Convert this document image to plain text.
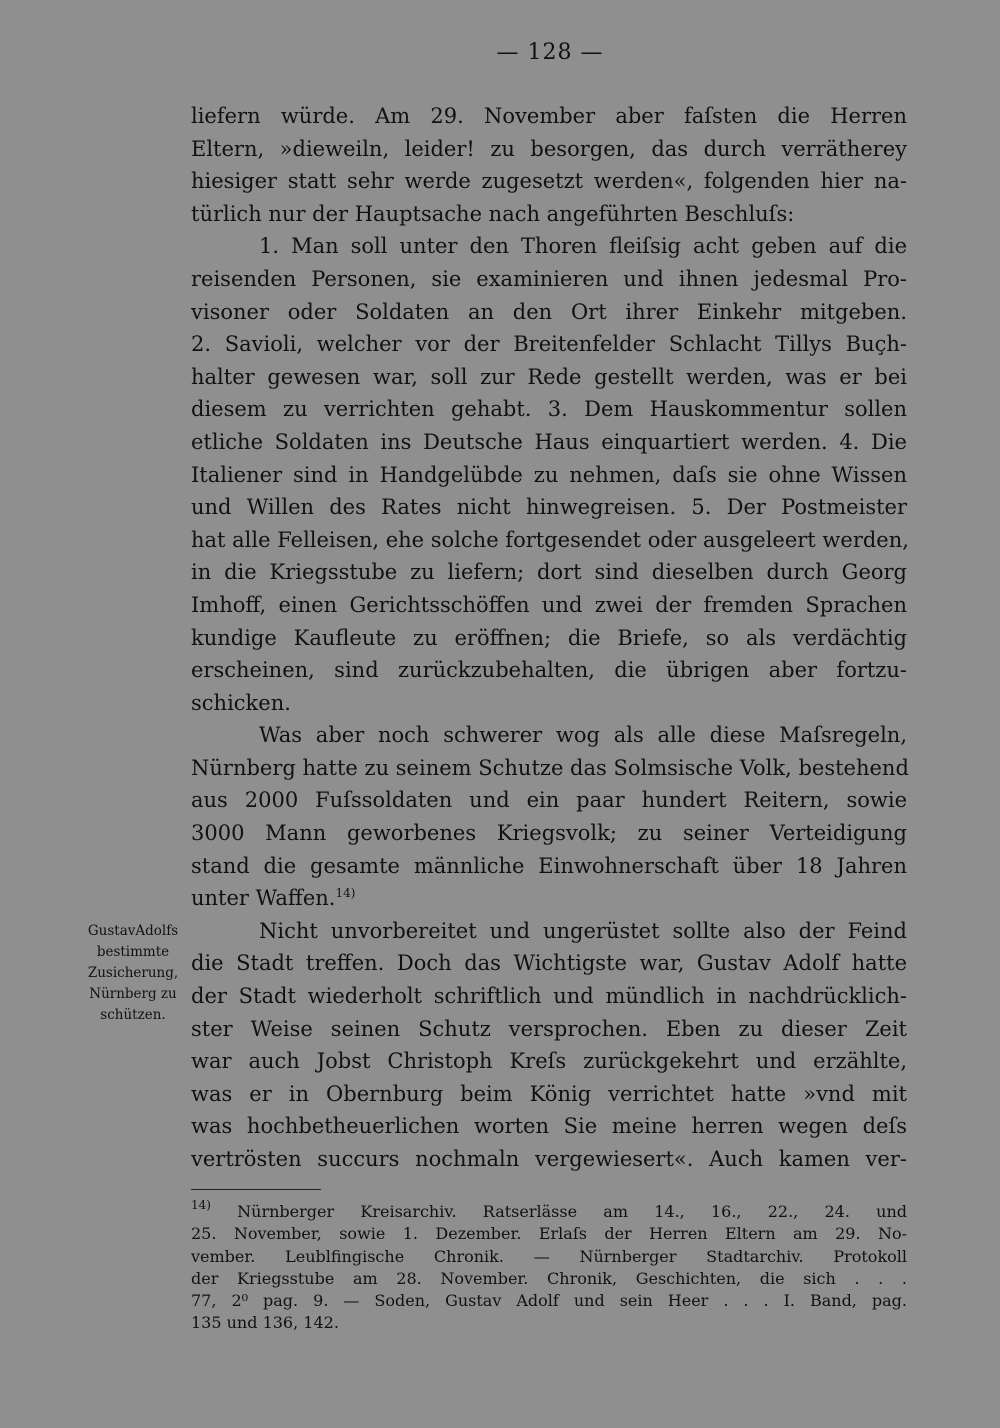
— 128 —
liefern würde. Am 29. November aber faſsten die Herren
Eltern, »dieweiln, leider! zu besorgen, das durch verrätherey
hiesiger statt sehr werde zugesetzt werden«, folgenden hier na-
türlich nur der Hauptsache nach angeführten Beschluſs:
1. Man soll unter den Thoren fleiſsig acht geben auf die
reisenden Personen, sie examinieren und ihnen jedesmal Pro-
visoner oder Soldaten an den Ort ihrer Einkehr mitgeben.
2. Savioli, welcher vor der Breitenfelder Schlacht Tillys Buçh-
halter gewesen war, soll zur Rede gestellt werden, was er bei
diesem zu verrichten gehabt. 3. Dem Hauskommentur sollen
etliche Soldaten ins Deutsche Haus einquartiert werden. 4. Die
Italiener sind in Handgelübde zu nehmen, daſs sie ohne Wissen
und Willen des Rates nicht hinwegreisen. 5. Der Postmeister
hat alle Felleisen, ehe solche fortgesendet oder ausgeleert werden,
in die Kriegsstube zu liefern; dort sind dieselben durch Georg
Imhoff, einen Gerichtsschöffen und zwei der fremden Sprachen
kundige Kaufleute zu eröffnen; die Briefe, so als verdächtig
erscheinen, sind zurückzubehalten, die übrigen aber fortzu-
schicken.
Was aber noch schwerer wog als alle diese Maſsregeln,
Nürnberg hatte zu seinem Schutze das Solmsische Volk, bestehend
aus 2000 Fuſssoldaten und ein paar hundert Reitern, sowie
3000 Mann geworbenes Kriegsvolk; zu seiner Verteidigung
stand die gesamte männliche Einwohnerschaft über 18 Jahren
unter Waffen.$^{14)}$
Nicht unvorbereitet und ungerüstet sollte also der Feind
die Stadt treffen. Doch das Wichtigste war, Gustav Adolf hatte
der Stadt wiederholt schriftlich und mündlich in nachdrücklich-
ster Weise seinen Schutz versprochen. Eben zu dieser Zeit
war auch Jobst Christoph Kreſs zurückgekehrt und erzählte,
was er in Obernburg beim König verrichtet hatte »vnd mit
was hochbetheuerlichen worten Sie meine herren wegen deſs
vertrösten succurs nochmaln vergewiesert«. Auch kamen ver-
GustavAdolfs
bestimmte
Zusicherung,
Nürnberg zu
schützen.
$^{14)}$ Nürnberger Kreisarchiv. Ratserlässe am 14., 16., 22., 24. und
25. November, sowie 1. Dezember. Erlaſs der Herren Eltern am 29. No-
vember. Leublfingische Chronik. — Nürnberger Stadtarchiv. Protokoll
der Kriegsstube am 28. November. Chronik, Geschichten, die sich . . .
77, 2⁰ pag. 9. — Soden, Gustav Adolf und sein Heer . . . I. Band, pag.
135 und 136, 142.
